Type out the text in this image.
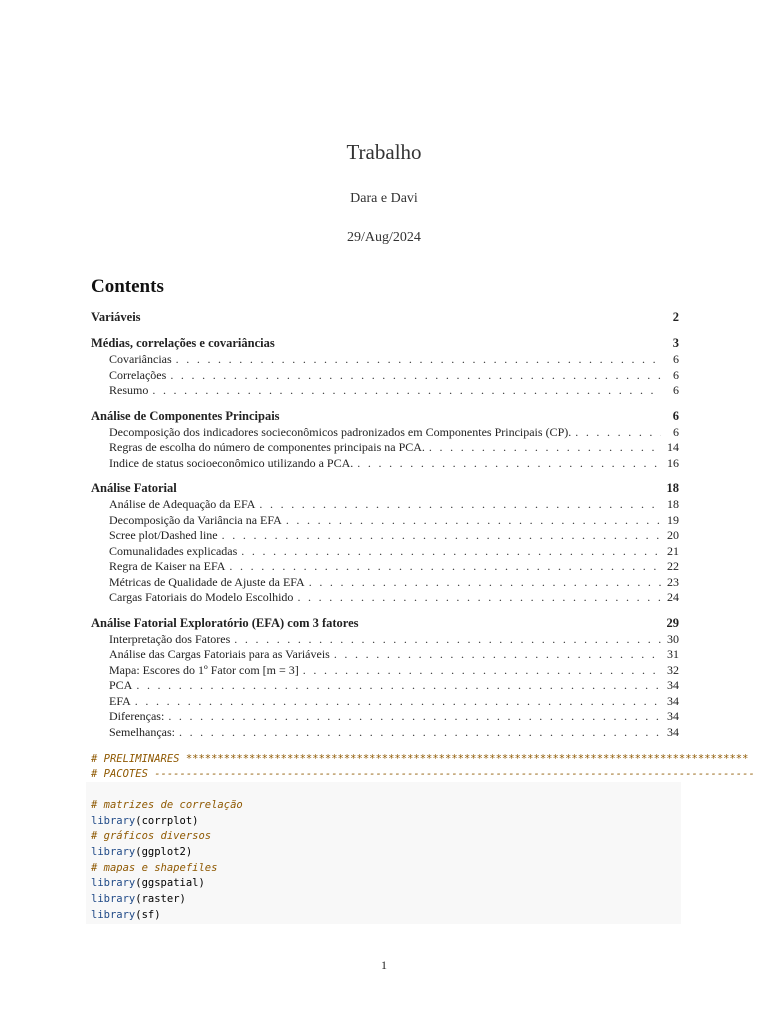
Trabalho
Dara e Davi
29/Aug/2024
Contents
Variáveis	2
Médias, correlações e covariâncias	3
Covariâncias . . .	6
Correlações . . .	6
Resumo . . .	6
Análise de Componentes Principais	6
Decomposição dos indicadores socieconômicos padronizados em Componentes Principais (CP). . . .	6
Regras de escolha do número de componentes principais na PCA. . . .	14
Indice de status socioeconômico utilizando a PCA. . . .	16
Análise Fatorial	18
Análise de Adequação da EFA . . .	18
Decomposição da Variância na EFA . . .	19
Scree plot/Dashed line . . .	20
Comunalidades explicadas . . .	21
Regra de Kaiser na EFA . . .	22
Métricas de Qualidade de Ajuste da EFA . . .	23
Cargas Fatoriais do Modelo Escolhido . . .	24
Análise Fatorial Exploratório (EFA) com 3 fatores	29
Interpretação dos Fatores . . .	30
Análise das Cargas Fatoriais para as Variáveis . . .	31
Mapa: Escores do 1º Fator com [m = 3] . . .	32
PCA . . .	34
EFA . . .	34
Diferenças: . . .	34
Semelhanças: . . .	34
# PRELIMINARES *****************************************************************************************
# PACOTES -----------------------------------------------------------------------------------------------
# matrizes de correlação
library(corrplot)
# gráficos diversos
library(ggplot2)
# mapas e shapefiles
library(ggspatial)
library(raster)
library(sf)
1
